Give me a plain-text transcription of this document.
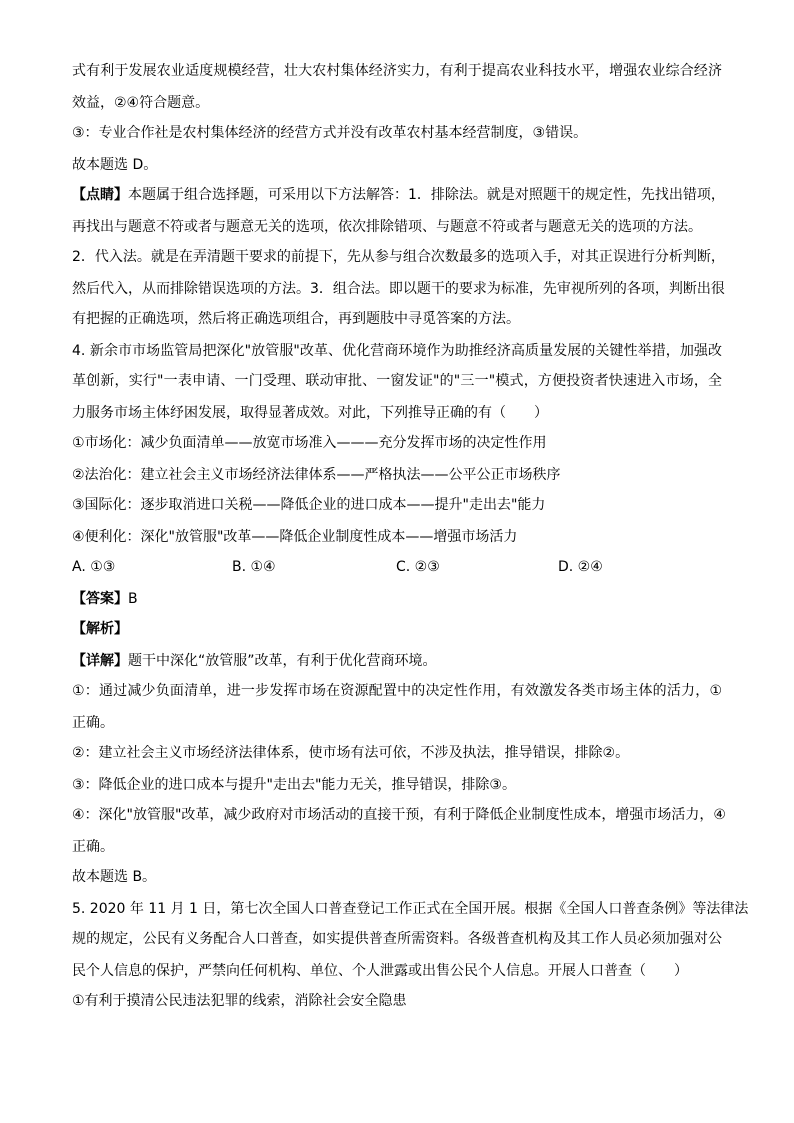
式有利于发展农业适度规模经营，壮大农村集体经济实力，有利于提高农业科技水平，增强农业综合经济
效益，②④符合题意。
③：专业合作社是农村集体经济的经营方式并没有改革农村基本经营制度，③错误。
故本题选 D。
【点睛】本题属于组合选择题，可采用以下方法解答：1．排除法。就是对照题干的规定性，先找出错项，
再找出与题意不符或者与题意无关的选项，依次排除错项、与题意不符或者与题意无关的选项的方法。
2．代入法。就是在弄清题干要求的前提下，先从参与组合次数最多的选项入手，对其正误进行分析判断，
然后代入，从而排除错误选项的方法。3．组合法。即以题干的要求为标准，先审视所列的各项，判断出很
有把握的正确选项，然后将正确选项组合，再到题肢中寻觅答案的方法。
4. 新余市市场监管局把深化"放管服"改革、优化营商环境作为助推经济高质量发展的关键性举措，加强改
革创新，实行"一表申请、一门受理、联动审批、一窗发证"的"三一"模式，方便投资者快速进入市场，全
力服务市场主体纾困发展，取得显著成效。对此，下列推导正确的有（　　）
①市场化：减少负面清单——放宽市场准入———充分发挥市场的决定性作用
②法治化：建立社会主义市场经济法律体系——严格执法——公平公正市场秩序
③国际化：逐步取消进口关税——降低企业的进口成本——提升"走出去"能力
④便利化：深化"放管服"改革——降低企业制度性成本——增强市场活力
A. ①③	B. ①④	C. ②③	D. ②④
【答案】B
【解析】
【详解】题干中深化“放管服”改革，有利于优化营商环境。
①：通过减少负面清单，进一步发挥市场在资源配置中的决定性作用，有效激发各类市场主体的活力，①
正确。
②：建立社会主义市场经济法律体系，使市场有法可依，不涉及执法，推导错误，排除②。
③：降低企业的进口成本与提升"走出去"能力无关，推导错误，排除③。
④：深化"放管服"改革，减少政府对市场活动的直接干预，有利于降低企业制度性成本，增强市场活力，④
正确。
故本题选 B。
5. 2020 年 11 月 1 日，第七次全国人口普查登记工作正式在全国开展。根据《全国人口普查条例》等法律法
规的规定，公民有义务配合人口普查，如实提供普查所需资料。各级普查机构及其工作人员必须加强对公
民个人信息的保护，严禁向任何机构、单位、个人泄露或出售公民个人信息。开展人口普查（　　）
①有利于摸清公民违法犯罪的线索，消除社会安全隐患
